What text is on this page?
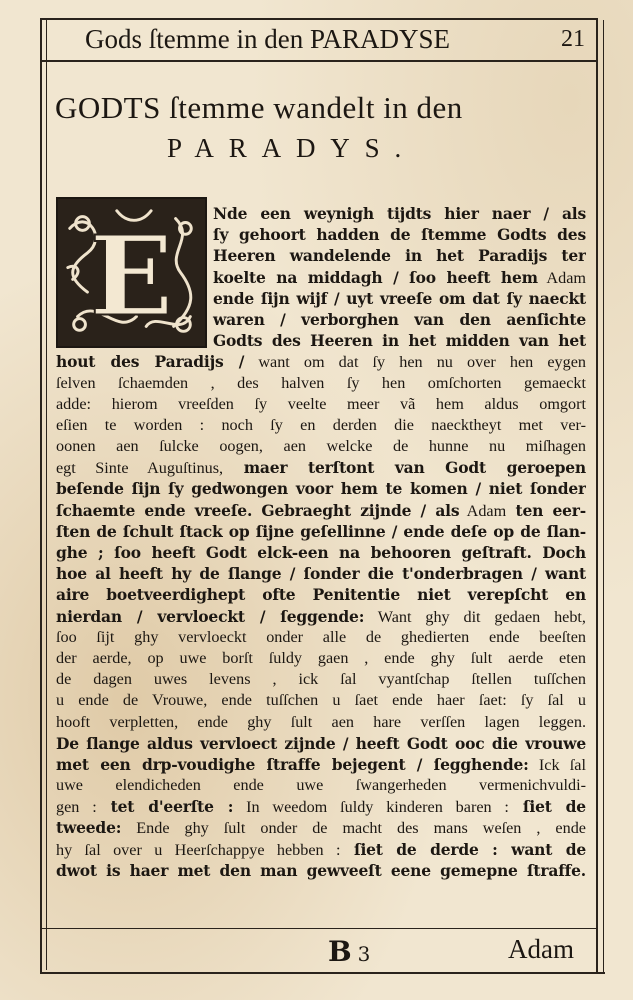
Gods ſtemme in den PARADYSE	21
GODTS ſtemme wandelt in den
PARADYS.
E	Nde een weynigh tijdts hier naer / als
ſy gehoort hadden de ſtemme Godts des
Heeren wandelende in het Paradijs ter
koelte na middagh / ſoo heeft hem Adam
ende ſijn wijf / uyt vreeſe om dat ſy naeckt
waren / verborghen van den aenſichte
Godts des Heeren in het midden van het
hout des Paradijs / want om dat ſy hen nu over hen eygen
ſelven ſchaemden , des halven ſy hen omſchorten gemaeckt
adde: hierom vreeſden ſy veelte meer vã hem aldus omgort
eſien te worden : noch ſy en derden die naecktheyt met ver-
oonen aen ſulcke oogen, aen welcke de hunne nu miſhagen
egt Sinte Auguſtinus, maer terſtont van Godt geroepen
beſende ſijn ſy gedwongen voor hem te komen / niet ſonder
ſchaemte ende vreeſe. Gebraeght zijnde / als Adam ten eer-
ſten de ſchult ſtack op ſijne geſellinne / ende deſe op de ſlan-
ghe ; ſoo heeft Godt elck-een na behooren geſtraft. Doch
hoe al heeft hy de ſlange / ſonder die t'onderbragen / want
aire boetveerdighept ofte Penitentie niet verepſcht en
nierdan / vervloeckt / ſeggende: Want ghy dit gedaen hebt,
ſoo ſijt ghy vervloeckt onder alle de ghedierten ende beeſten
der aerde, op uwe borſt ſuldy gaen , ende ghy ſult aerde eten
de dagen uwes levens , ick ſal vyantſchap ſtellen tuſſchen
u ende de Vrouwe, ende tuſſchen u ſaet ende haer ſaet: ſy ſal u
hooft verpletten, ende ghy ſult aen hare verſſen lagen leggen.
De ſlange aldus vervloect zijnde / heeft Godt ooc die vrouwe
met een drp-voudighe ſtraffe bejegent / ſegghende: Ick ſal
uwe elendicheden ende uwe ſwangerheden vermenichvuldi-
gen : tet d'eerſte : In weedom ſuldy kinderen baren : ſiet de
tweede: Ende ghy ſult onder de macht des mans weſen , ende
hy ſal over u Heerſchappye hebben : ſiet de derde : want de
dwot is haer met den man gewveeſt eene gemepne ſtraffe.
B 3	Adam
